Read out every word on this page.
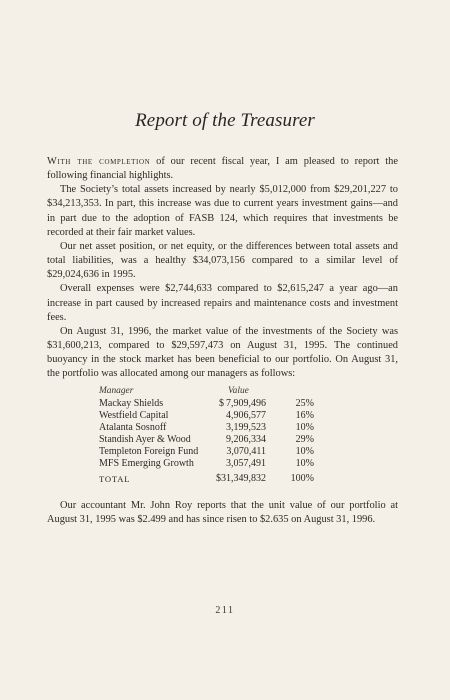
Report of the Treasurer

With the completion of our recent fiscal year, I am pleased to report the following financial highlights.

The Society’s total assets increased by nearly $5,012,000 from $29,201,227 to $34,213,353. In part, this increase was due to current years investment gains—and in part due to the adoption of FASB 124, which requires that investments be recorded at their fair market values.

Our net asset position, or net equity, or the differences between total assets and total liabilities, was a healthy $34,073,156 compared to a similar level of $29,024,636 in 1995.

Overall expenses were $2,744,633 compared to $2,615,247 a year ago—an increase in part caused by increased repairs and maintenance costs and investment fees.

On August 31, 1996, the market value of the investments of the Society was $31,600,213, compared to $29,597,473 on August 31, 1995. The continued buoyancy in the stock market has been beneficial to our portfolio. On August 31, the portfolio was allocated among our managers as follows:

Manager	Value
Mackay Shields	$ 7,909,496	25%
Westfield Capital	4,906,577	16%
Atalanta Sosnoff	3,199,523	10%
Standish Ayer & Wood	9,206,334	29%
Templeton Foreign Fund	3,070,411	10%
MFS Emerging Growth	3,057,491	10%
TOTAL	$31,349,832 100%

Our accountant Mr. John Roy reports that the unit value of our portfolio at August 31, 1995 was $2.499 and has since risen to $2.635 on August 31, 1996.

211
